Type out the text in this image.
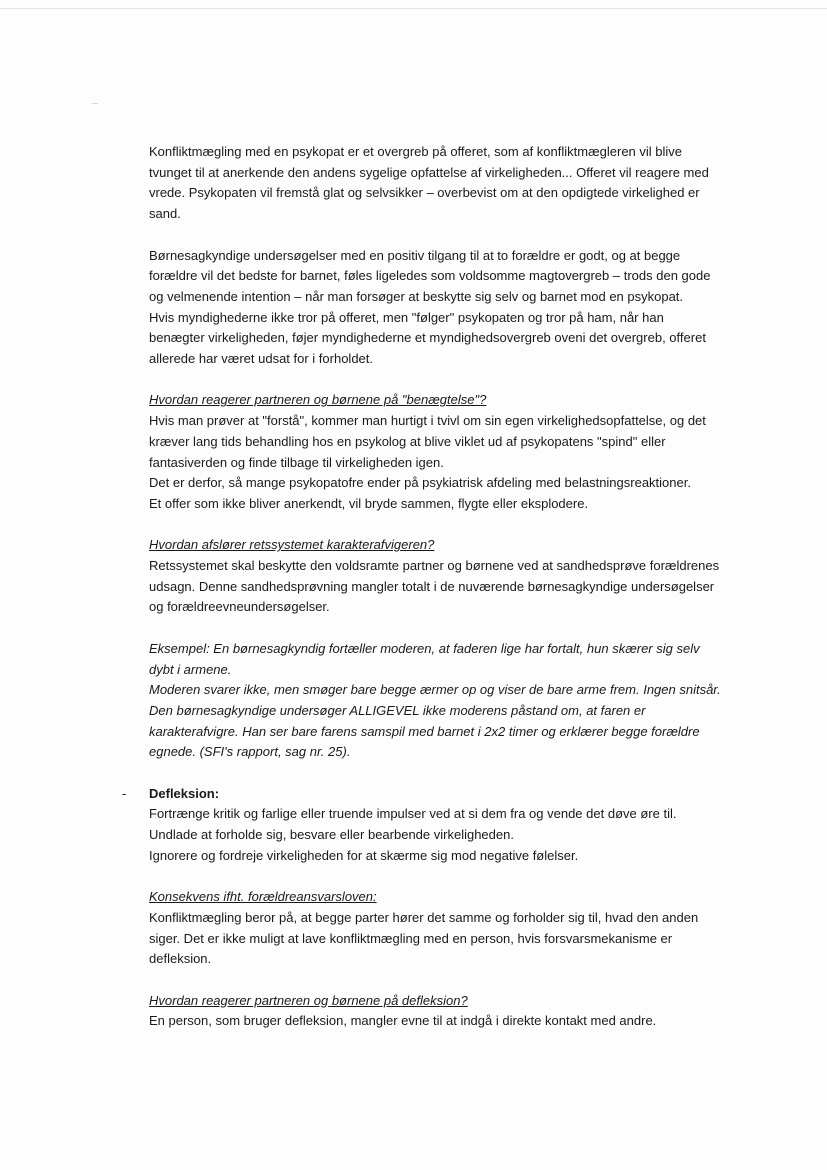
Konfliktmægling med en psykopat er et overgreb på offeret, som af konfliktmægleren vil blive
tvunget til at anerkende den andens sygelige opfattelse af virkeligheden... Offeret vil reagere med
vrede. Psykopaten vil fremstå glat og selvsikker – overbevist om at den opdigtede virkelighed er
sand.

Børnesagkyndige undersøgelser med en positiv tilgang til at to forældre er godt, og at begge
forældre vil det bedste for barnet, føles ligeledes som voldsomme magtovergreb – trods den gode
og velmenende intention – når man forsøger at beskytte sig selv og barnet mod en psykopat.
Hvis myndighederne ikke tror på offeret, men "følger" psykopaten og tror på ham, når han
benægter virkeligheden, føjer myndighederne et myndighedsovergreb oveni det overgreb, offeret
allerede har været udsat for i forholdet.

Hvordan reagerer partneren og børnene på "benægtelse"?

Hvis man prøver at "forstå", kommer man hurtigt i tvivl om sin egen virkelighedsopfattelse, og det
kræver lang tids behandling hos en psykolog at blive viklet ud af psykopatens "spind" eller
fantasiverden og finde tilbage til virkeligheden igen.
Det er derfor, så mange psykopatofre ender på psykiatrisk afdeling med belastningsreaktioner.
Et offer som ikke bliver anerkendt, vil bryde sammen, flygte eller eksplodere.

Hvordan afslører retssystemet karakterafvigeren?

Retssystemet skal beskytte den voldsramte partner og børnene ved at sandhedsprøve forældrenes
udsagn. Denne sandhedsprøvning mangler totalt i de nuværende børnesagkyndige undersøgelser
og forældreevneundersøgelser.

Eksempel: En børnesagkyndig fortæller moderen, at faderen lige har fortalt, hun skærer sig selv
dybt i armene.
Moderen svarer ikke, men smøger bare begge ærmer op og viser de bare arme frem. Ingen snitsår.
Den børnesagkyndige undersøger ALLIGEVEL ikke moderens påstand om, at faren er
karakterafvigre. Han ser bare farens samspil med barnet i 2x2 timer og erklærer begge forældre
egnede. (SFI's rapport, sag nr. 25).

- Defleksion:

Fortrænge kritik og farlige eller truende impulser ved at si dem fra og vende det døve øre til.
Undlade at forholde sig, besvare eller bearbende virkeligheden.
Ignorere og fordreje virkeligheden for at skærme sig mod negative følelser.

Konsekvens ifht. forældreansvarsloven:

Konfliktmægling beror på, at begge parter hører det samme og forholder sig til, hvad den anden
siger. Det er ikke muligt at lave konfliktmægling med en person, hvis forsvarsmekanisme er
defleksion.

Hvordan reagerer partneren og børnene på defleksion?

En person, som bruger defleksion, mangler evne til at indgå i direkte kontakt med andre.
